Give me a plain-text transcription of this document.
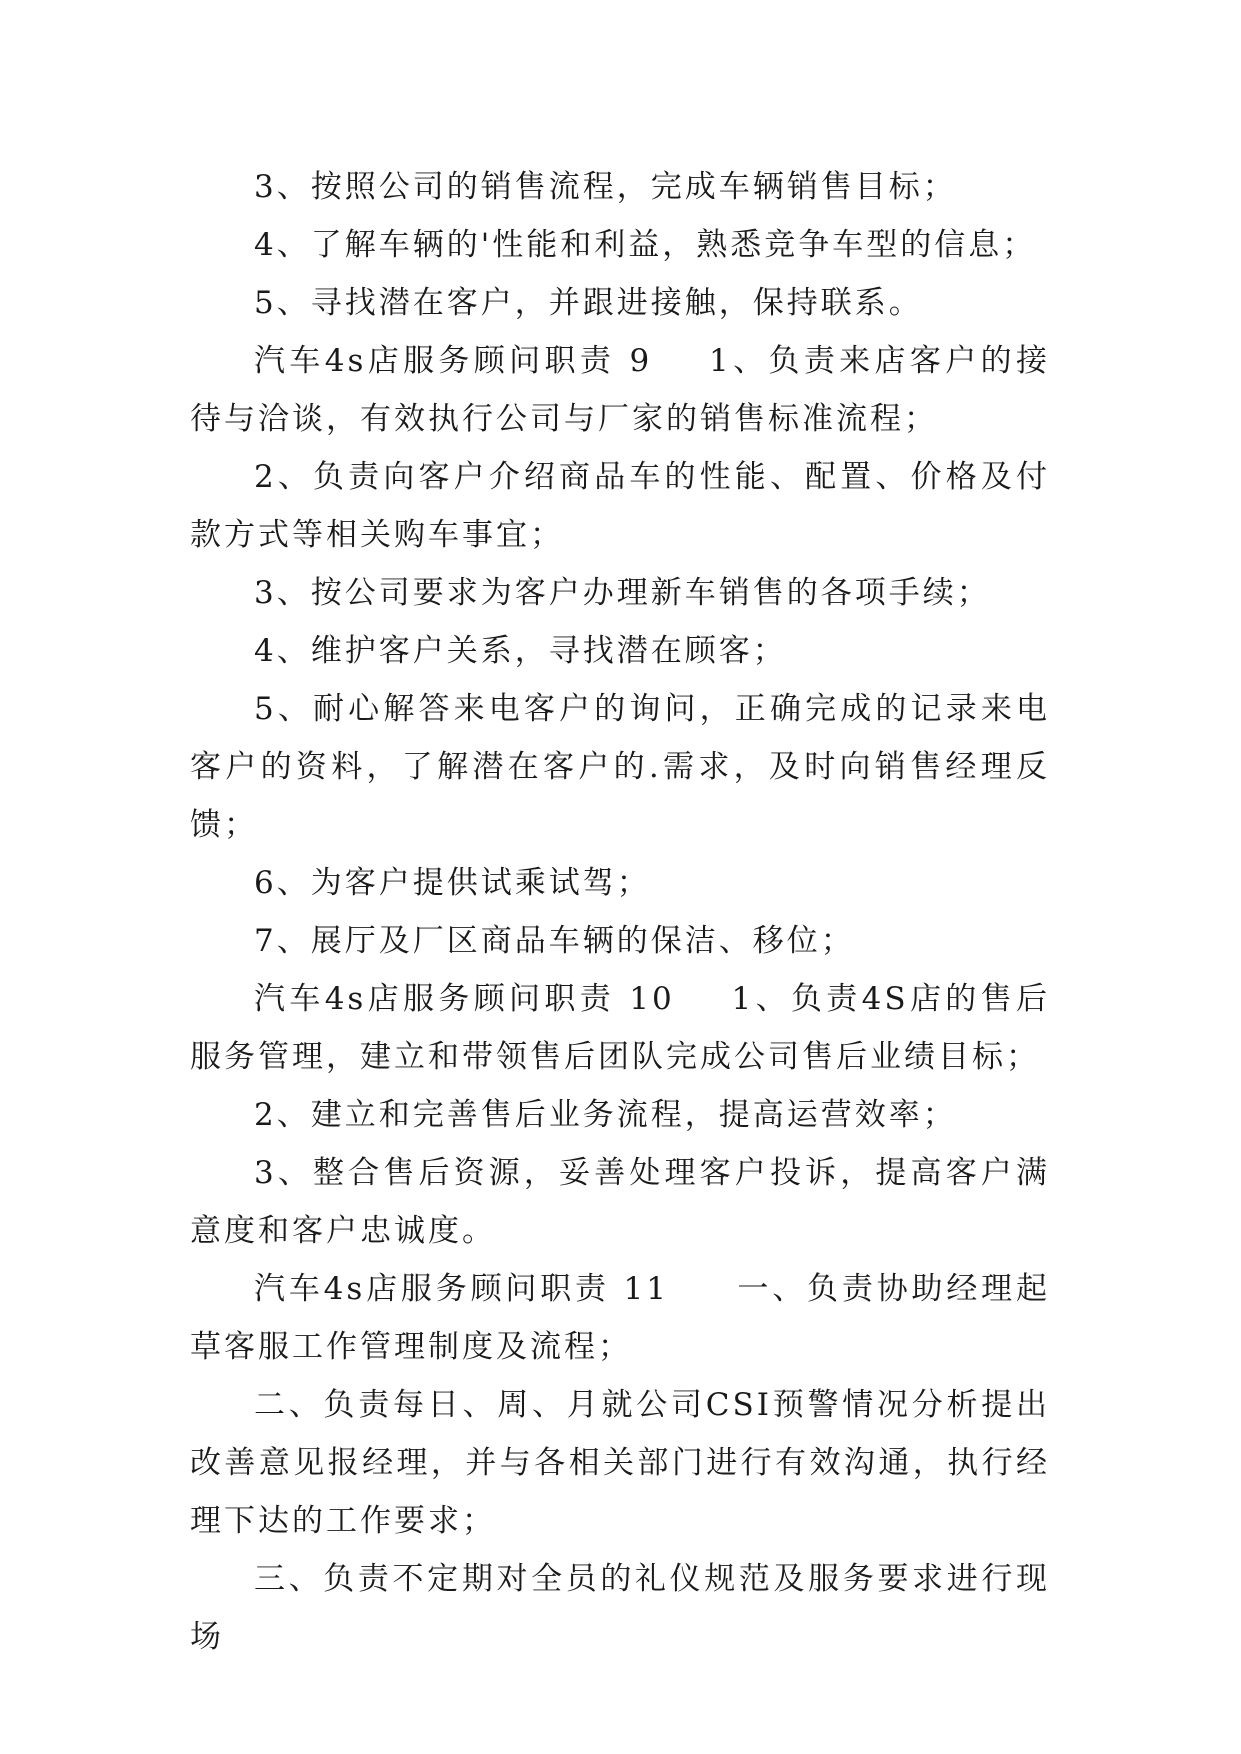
3、按照公司的销售流程，完成车辆销售目标；

4、了解车辆的'性能和利益，熟悉竞争车型的信息；

5、寻找潜在客户，并跟进接触，保持联系。

汽车4s店服务顾问职责 9    1、负责来店客户的接待与洽谈，有效执行公司与厂家的销售标准流程；

2、负责向客户介绍商品车的性能、配置、价格及付款方式等相关购车事宜；

3、按公司要求为客户办理新车销售的各项手续；

4、维护客户关系，寻找潜在顾客；

5、耐心解答来电客户的询问，正确完成的记录来电客户的资料，了解潜在客户的.需求，及时向销售经理反馈；

6、为客户提供试乘试驾；

7、展厅及厂区商品车辆的保洁、移位；

汽车4s店服务顾问职责 10    1、负责4S店的售后服务管理，建立和带领售后团队完成公司售后业绩目标；

2、建立和完善售后业务流程，提高运营效率；

3、整合售后资源，妥善处理客户投诉，提高客户满意度和客户忠诚度。

汽车4s店服务顾问职责 11     一、负责协助经理起草客服工作管理制度及流程；

二、负责每日、周、月就公司CSI预警情况分析提出改善意见报经理，并与各相关部门进行有效沟通，执行经理下达的工作要求；

三、负责不定期对全员的礼仪规范及服务要求进行现场
